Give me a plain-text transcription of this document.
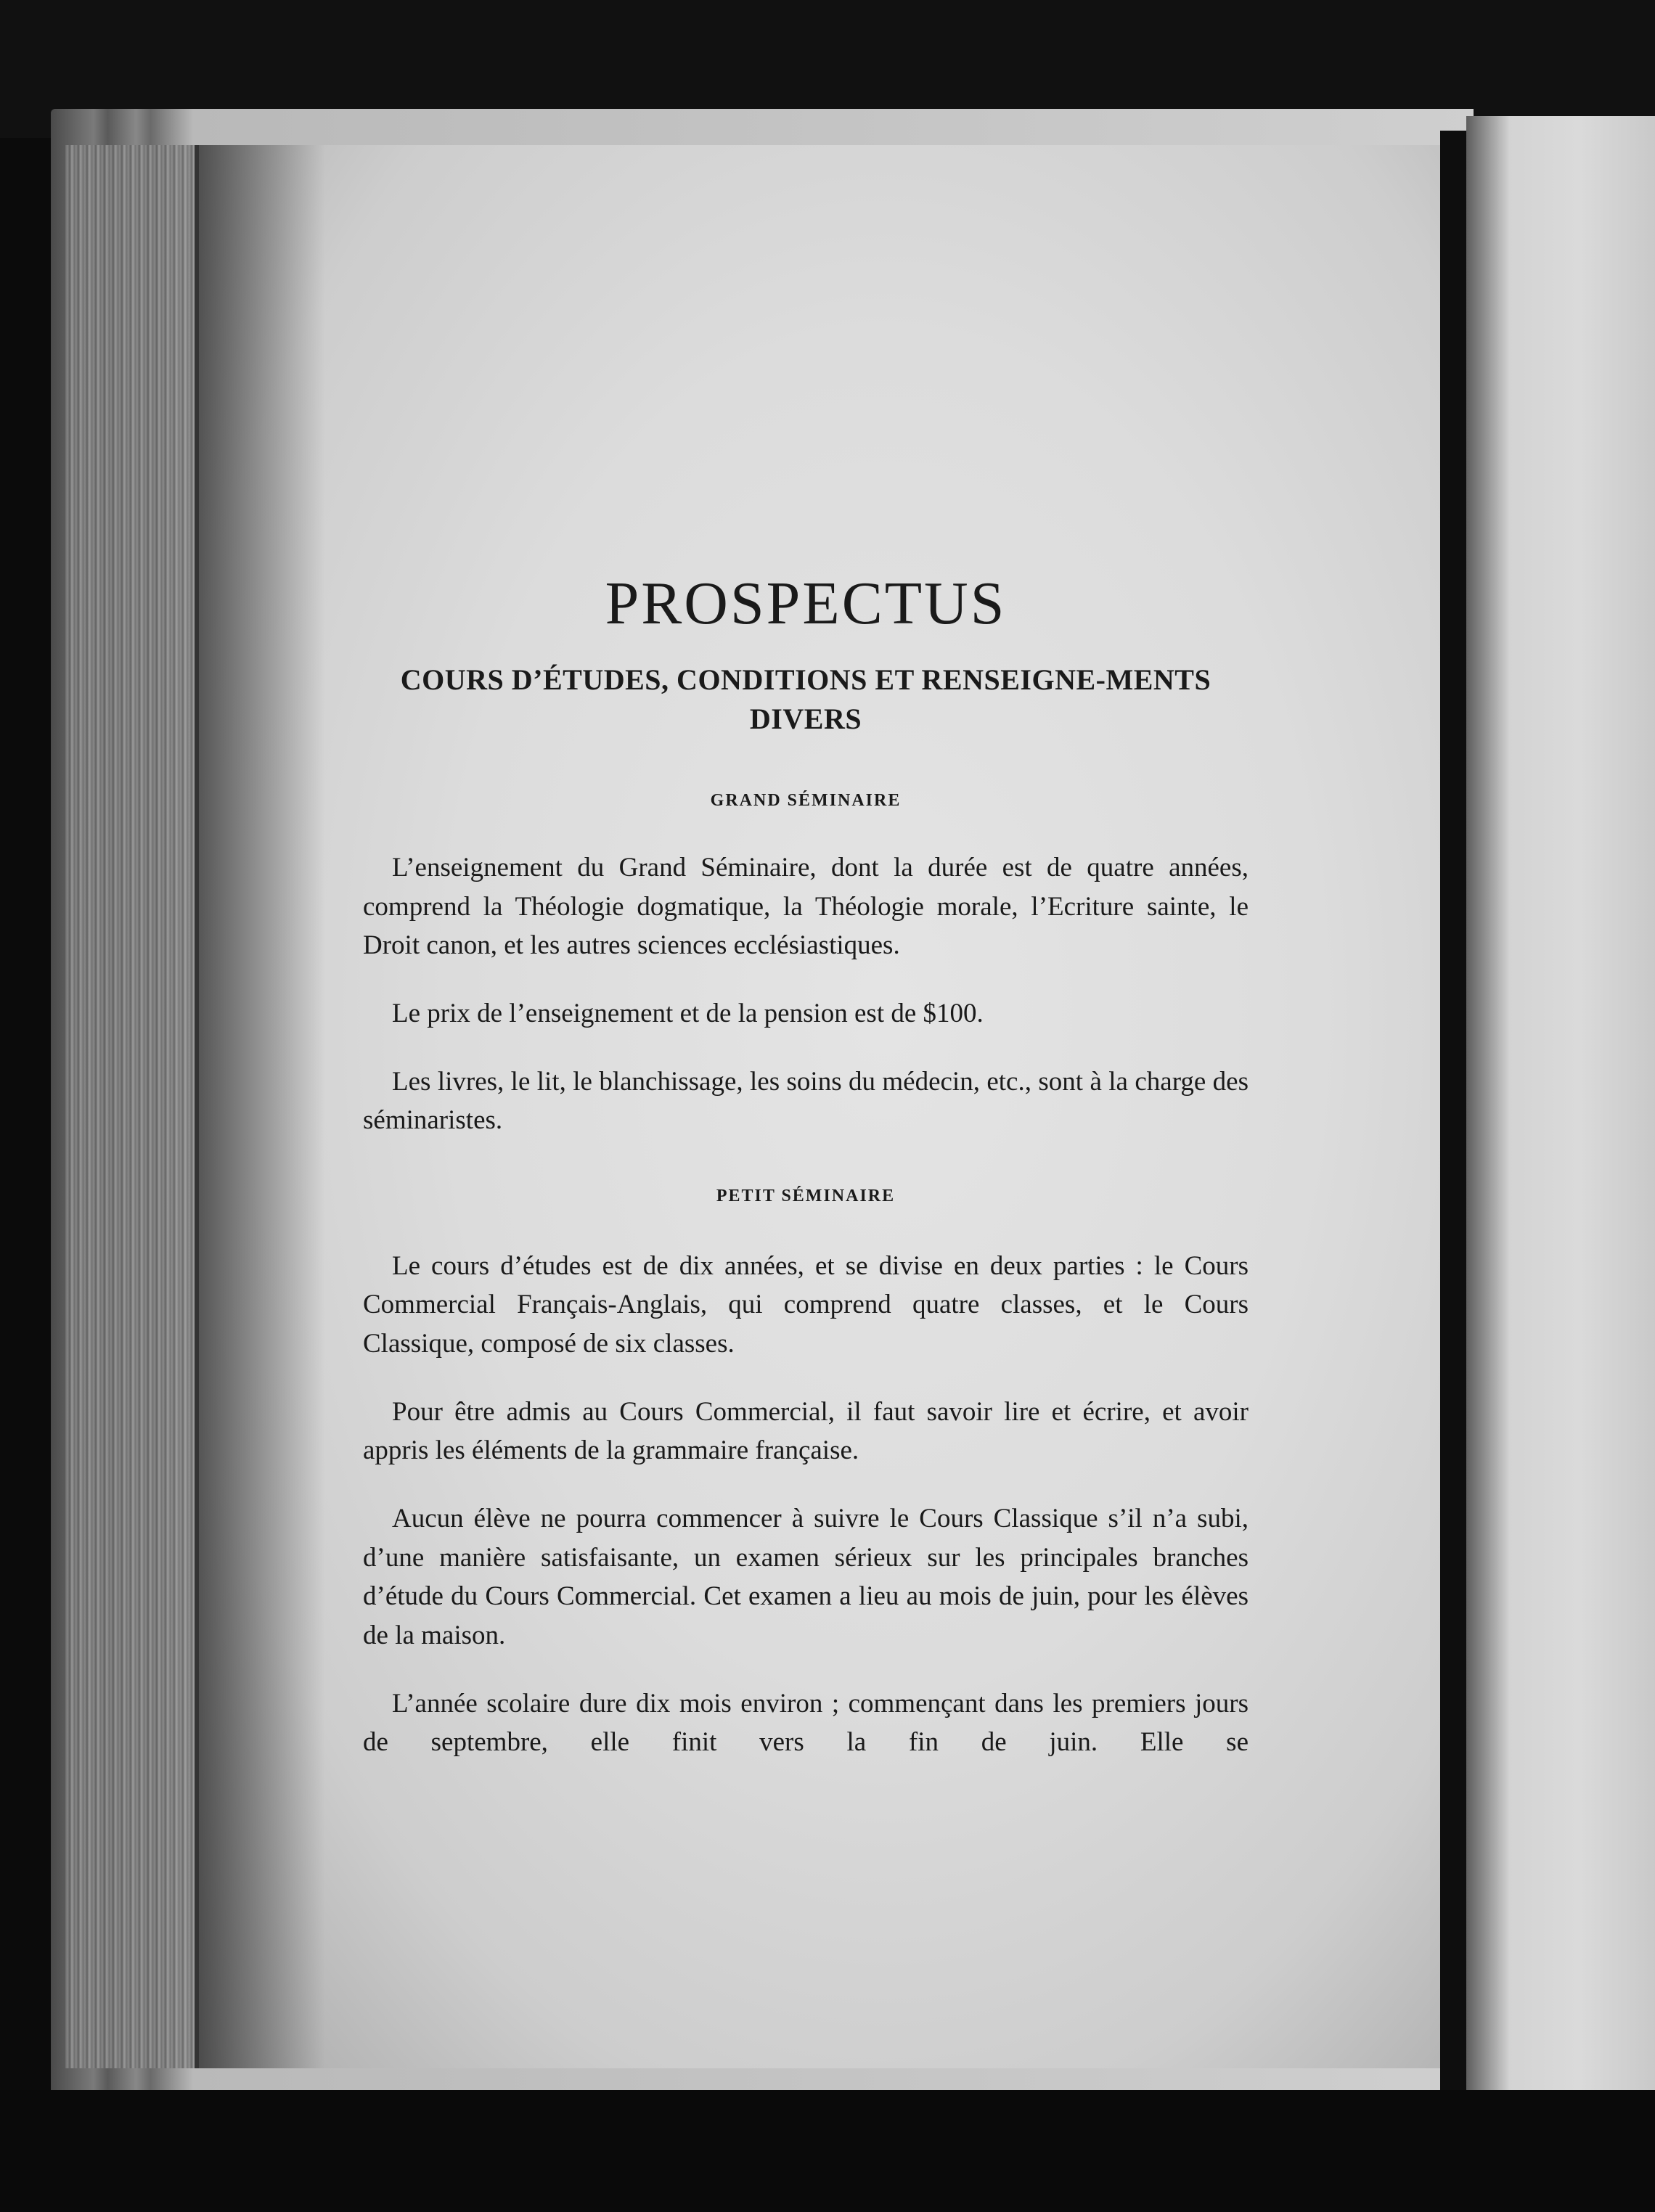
PROSPECTUS
COURS D’ÉTUDES, CONDITIONS ET RENSEIGNE-MENTS DIVERS
GRAND SÉMINAIRE

L’enseignement du Grand Séminaire, dont la durée est de quatre années, comprend la Théologie dogmatique, la Théologie morale, l’Ecriture sainte, le Droit canon, et les autres sciences ecclésiastiques.

Le prix de l’enseignement et de la pension est de $100.

Les livres, le lit, le blanchissage, les soins du médecin, etc., sont à la charge des séminaristes.

PETIT SÉMINAIRE

Le cours d’études est de dix années, et se divise en deux parties : le Cours Commercial Français-Anglais, qui comprend quatre classes, et le Cours Classique, composé de six classes.

Pour être admis au Cours Commercial, il faut savoir lire et écrire, et avoir appris les éléments de la grammaire française.

Aucun élève ne pourra commencer à suivre le Cours Classique s’il n’a subi, d’une manière satisfaisante, un examen sérieux sur les principales branches d’étude du Cours Commercial. Cet examen a lieu au mois de juin, pour les élèves de la maison.

L’année scolaire dure dix mois environ ; commençant dans les premiers jours de septembre, elle finit vers la fin de juin. Elle se
